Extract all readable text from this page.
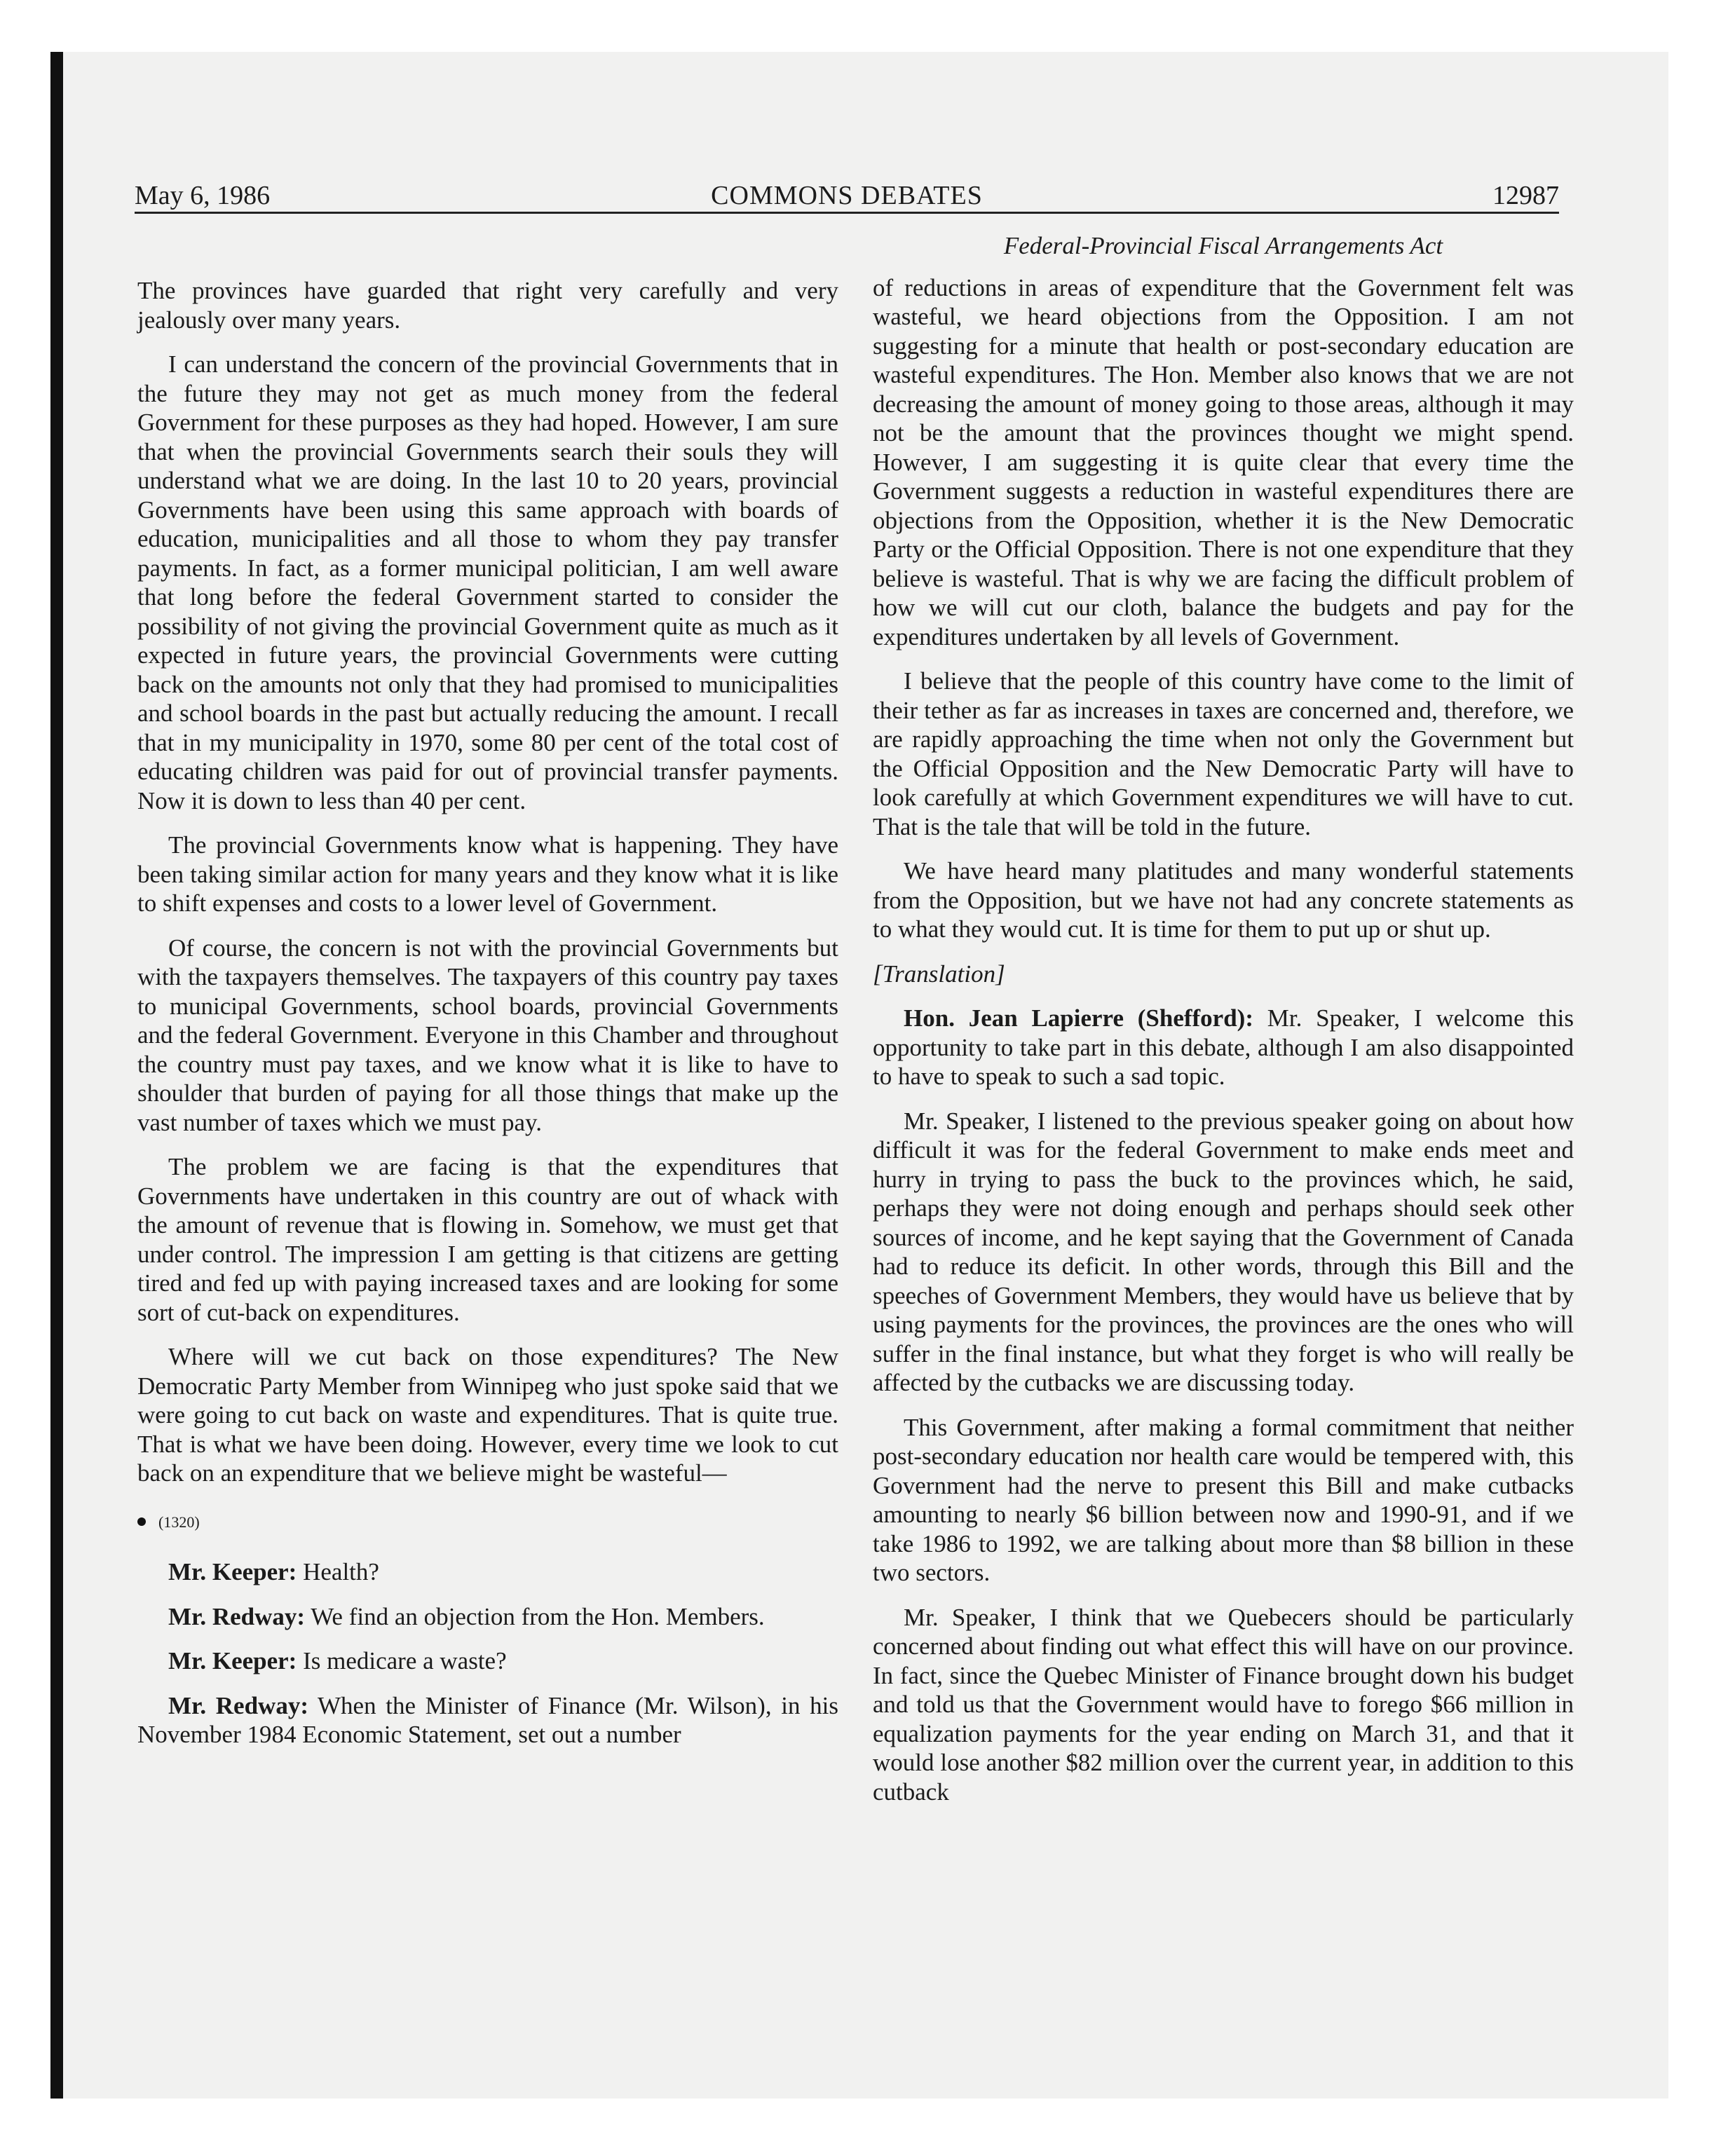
May 6, 1986	COMMONS DEBATES	12987

The provinces have guarded that right very carefully and very jealously over many years.

I can understand the concern of the provincial Governments that in the future they may not get as much money from the federal Government for these purposes as they had hoped. However, I am sure that when the provincial Governments search their souls they will understand what we are doing. In the last 10 to 20 years, provincial Governments have been using this same approach with boards of education, municipalities and all those to whom they pay transfer payments. In fact, as a former municipal politician, I am well aware that long before the federal Government started to consider the possibility of not giving the provincial Government quite as much as it expected in future years, the provincial Governments were cutting back on the amounts not only that they had promised to municipalities and school boards in the past but actually reducing the amount. I recall that in my municipality in 1970, some 80 per cent of the total cost of educating children was paid for out of provincial transfer payments. Now it is down to less than 40 per cent.

The provincial Governments know what is happening. They have been taking similar action for many years and they know what it is like to shift expenses and costs to a lower level of Government.

Of course, the concern is not with the provincial Governments but with the taxpayers themselves. The taxpayers of this country pay taxes to municipal Governments, school boards, provincial Governments and the federal Government. Everyone in this Chamber and throughout the country must pay taxes, and we know what it is like to have to shoulder that burden of paying for all those things that make up the vast number of taxes which we must pay.

The problem we are facing is that the expenditures that Governments have undertaken in this country are out of whack with the amount of revenue that is flowing in. Somehow, we must get that under control. The impression I am getting is that citizens are getting tired and fed up with paying increased taxes and are looking for some sort of cut-back on expenditures.

Where will we cut back on those expenditures? The New Democratic Party Member from Winnipeg who just spoke said that we were going to cut back on waste and expenditures. That is quite true. That is what we have been doing. However, every time we look to cut back on an expenditure that we believe might be wasteful—

(1320)

Mr. Keeper: Health?

Mr. Redway: We find an objection from the Hon. Members.

Mr. Keeper: Is medicare a waste?

Mr. Redway: When the Minister of Finance (Mr. Wilson), in his November 1984 Economic Statement, set out a number

Federal-Provincial Fiscal Arrangements Act

of reductions in areas of expenditure that the Government felt was wasteful, we heard objections from the Opposition. I am not suggesting for a minute that health or post-secondary education are wasteful expenditures. The Hon. Member also knows that we are not decreasing the amount of money going to those areas, although it may not be the amount that the provinces thought we might spend. However, I am suggesting it is quite clear that every time the Government suggests a reduction in wasteful expenditures there are objections from the Opposition, whether it is the New Democratic Party or the Official Opposition. There is not one expenditure that they believe is wasteful. That is why we are facing the difficult problem of how we will cut our cloth, balance the budgets and pay for the expenditures undertaken by all levels of Government.

I believe that the people of this country have come to the limit of their tether as far as increases in taxes are concerned and, therefore, we are rapidly approaching the time when not only the Government but the Official Opposition and the New Democratic Party will have to look carefully at which Government expenditures we will have to cut. That is the tale that will be told in the future.

We have heard many platitudes and many wonderful statements from the Opposition, but we have not had any concrete statements as to what they would cut. It is time for them to put up or shut up.

[Translation]

Hon. Jean Lapierre (Shefford): Mr. Speaker, I welcome this opportunity to take part in this debate, although I am also disappointed to have to speak to such a sad topic.

Mr. Speaker, I listened to the previous speaker going on about how difficult it was for the federal Government to make ends meet and hurry in trying to pass the buck to the provinces which, he said, perhaps they were not doing enough and perhaps should seek other sources of income, and he kept saying that the Government of Canada had to reduce its deficit. In other words, through this Bill and the speeches of Government Members, they would have us believe that by using payments for the provinces, the provinces are the ones who will suffer in the final instance, but what they forget is who will really be affected by the cutbacks we are discussing today.

This Government, after making a formal commitment that neither post-secondary education nor health care would be tempered with, this Government had the nerve to present this Bill and make cutbacks amounting to nearly $6 billion between now and 1990-91, and if we take 1986 to 1992, we are talking about more than $8 billion in these two sectors.

Mr. Speaker, I think that we Quebecers should be particularly concerned about finding out what effect this will have on our province. In fact, since the Quebec Minister of Finance brought down his budget and told us that the Government would have to forego $66 million in equalization payments for the year ending on March 31, and that it would lose another $82 million over the current year, in addition to this cutback
